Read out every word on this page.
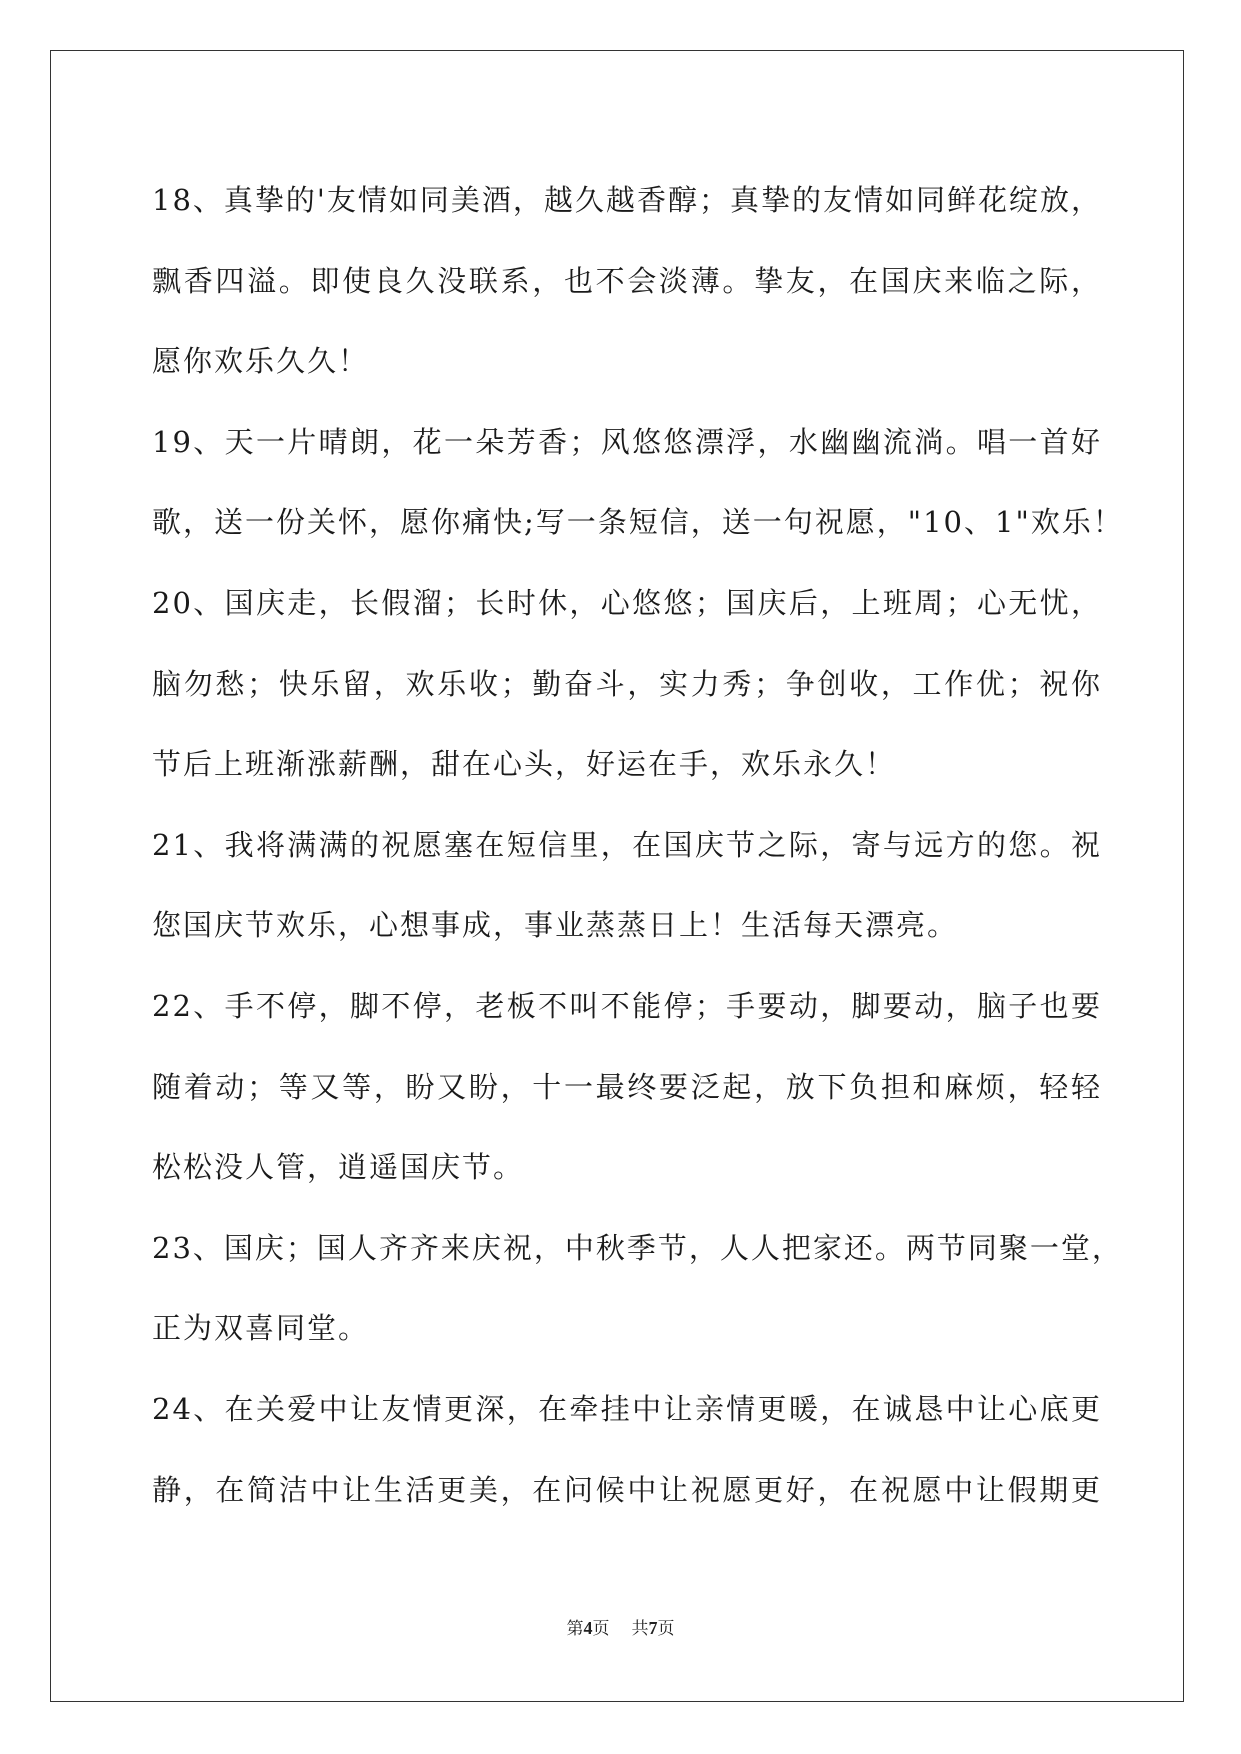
18、真挚的'友情如同美酒，越久越香醇；真挚的友情如同鲜花绽放，
飘香四溢。即使良久没联系，也不会淡薄。挚友，在国庆来临之际，
愿你欢乐久久！
19、天一片晴朗，花一朵芳香；风悠悠漂浮，水幽幽流淌。唱一首好
歌，送一份关怀，愿你痛快;写一条短信，送一句祝愿，"10、1"欢乐！
20、国庆走，长假溜；长时休，心悠悠；国庆后，上班周；心无忧，
脑勿愁；快乐留，欢乐收；勤奋斗，实力秀；争创收，工作优；祝你
节后上班渐涨薪酬，甜在心头，好运在手，欢乐永久！
21、我将满满的祝愿塞在短信里，在国庆节之际，寄与远方的您。祝
您国庆节欢乐，心想事成，事业蒸蒸日上！生活每天漂亮。
22、手不停，脚不停，老板不叫不能停；手要动，脚要动，脑子也要
随着动；等又等，盼又盼，十一最终要泛起，放下负担和麻烦，轻轻
松松没人管，逍遥国庆节。
23、国庆；国人齐齐来庆祝，中秋季节，人人把家还。两节同聚一堂，
正为双喜同堂。
24、在关爱中让友情更深，在牵挂中让亲情更暖，在诚恳中让心底更
静，在简洁中让生活更美，在问候中让祝愿更好，在祝愿中让假期更
第4页 共7页
